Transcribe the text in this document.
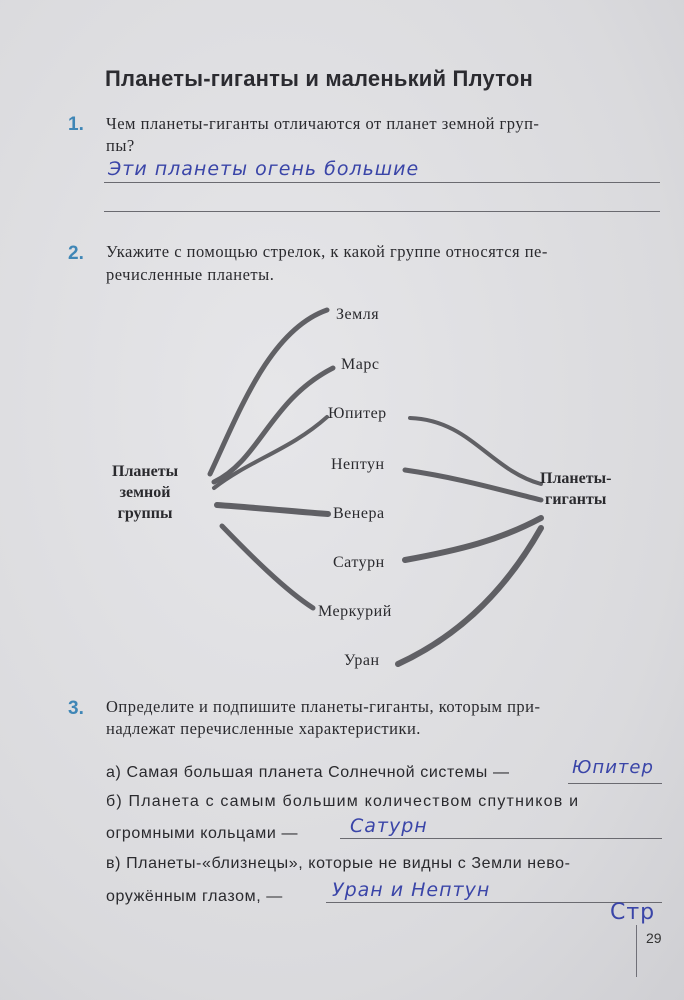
Планеты-гиганты и маленький Плутон
1. Чем планеты-гиганты отличаются от планет земной груп-
пы?
Эти планеты огень большие
2. Укажите с помощью стрелок, к какой группе относятся пе-
речисленные планеты.
Планеты
земной
группы
Планеты-
гиганты
Земля
Марс
Юпитер
Нептун
Венера
Сатурн
Меркурий
Уран
3. Определите и подпишите планеты-гиганты, которым при-
надлежат перечисленные характеристики.
а) Самая большая планета Солнечной системы —	Юпитер
б) Планета с самым большим количеством спутников и
огромными кольцами —	Сатурн
в) Планеты-«близнецы», которые не видны с Земли нево-
оружённым глазом, —	Уран и Нептун
Стр
29
